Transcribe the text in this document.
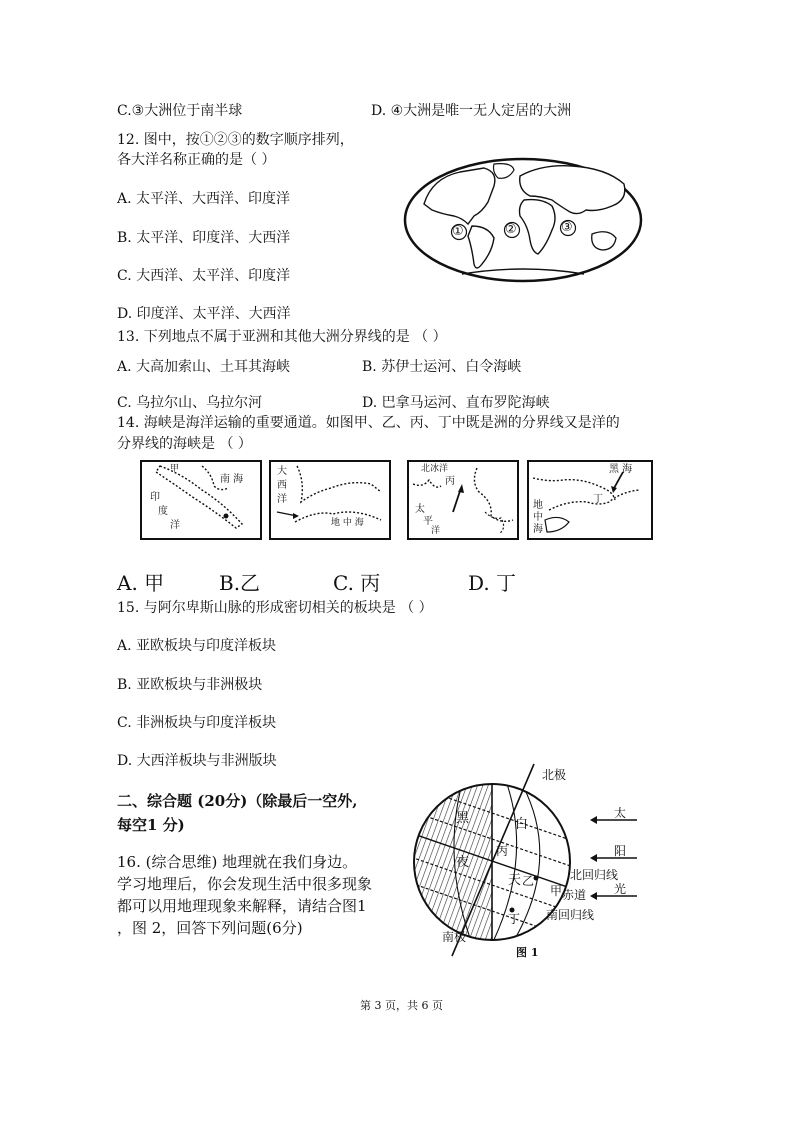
C.③大洲位于南半球	D. ④大洲是唯一无人定居的大洲
12. 图中，按①②③的数字顺序排列，
各大洋名称正确的是（ ）
A. 太平洋、大西洋、印度洋
B. 太平洋、印度洋、大西洋
C. 大西洋、太平洋、印度洋
D. 印度洋、太平洋、大西洋
13. 下列地点不属于亚洲和其他大洲分界线的是 （ ）
A. 大高加索山、土耳其海峡	B. 苏伊士运河、白令海峡
C. 乌拉尔山、乌拉尔河	D. 巴拿马运河、直布罗陀海峡
14. 海峡是海洋运输的重要通道。如图甲、乙、丙、丁中既是洲的分界线又是洋的
分界线的海峡是 （ ）
A. 甲	B.乙	C. 丙	D. 丁
15. 与阿尔卑斯山脉的形成密切相关的板块是 （ ）
A. 亚欧板块与印度洋板块
B. 亚欧板块与非洲极块
C. 非洲板块与印度洋板块
D. 大西洋板块与非洲版块
二、综合题 (20分)（除最后一空外,
每空1 分)
16. (综合思维) 地理就在我们身边。
学习地理后，你会发现生活中很多现象
都可以用地理现象来解释，请结合图1
，图 2，回答下列问题(6分)
第 3 页，共 6 页
①	②	③
甲
南 海
印
度
洋
大
西
洋
地 中 海
北冰洋
丙
太
平
洋
黑 海
丁
地
中
海
北极
南极
黑
夜
白
丙
天 乙
甲
丁
北回归线
赤道
南回归线
太
阳
光
图 1
